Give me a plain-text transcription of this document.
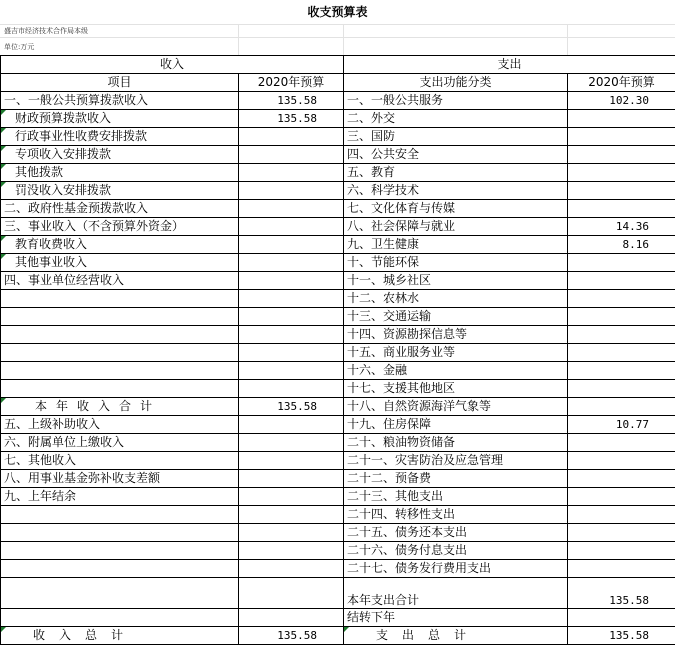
收支预算表
盛吉市经济技术合作局本级
单位:万元
收入		支出	
项目	2020年预算	支出功能分类	2020年预算
一、一般公共预算拨款收入	135.58	一、一般公共服务	102.30
财政预算拨款收入	135.58	二、外交	
行政事业性收费安排拨款		三、国防	
专项收入安排拨款		四、公共安全	
其他拨款		五、教育	
罚没收入安排拨款		六、科学技术	
二、政府性基金预拨款收入		七、文化体育与传媒	
三、事业收入（不含预算外资金）		八、社会保障与就业	14.36
教育收费收入		九、卫生健康	8.16
其他事业收入		十、节能环保	
四、事业单位经营收入		十一、城乡社区	
		十二、农林水	
		十三、交通运输	
		十四、资源勘探信息等	
		十五、商业服务业等	
		十六、金融	
		十七、支援其他地区	
本年收入合计	135.58	十八、自然资源海洋气象等	
五、上级补助收入		十九、住房保障	10.77
六、附属单位上缴收入		二十、粮油物资储备	
七、其他收入		二十一、灾害防治及应急管理	
八、用事业基金弥补收支差额		二十二、预备费	
九、上年结余		二十三、其他支出	
		二十四、转移性支出	
		二十五、债务还本支出	
		二十六、债务付息支出	
		二十七、债务发行费用支出	
		本年支出合计	135.58
		结转下年	
收入总计	135.58	支出总计	135.58
